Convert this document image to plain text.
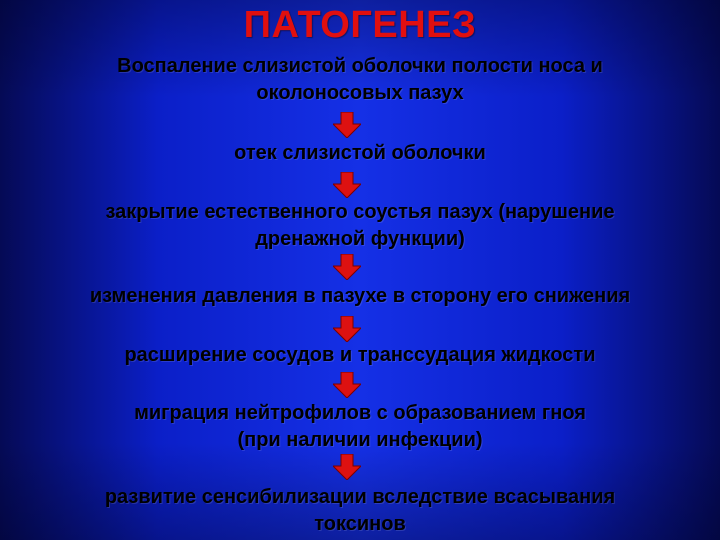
ПАТОГЕНЕЗ
Воспаление слизистой оболочки полости носа и
околоносовых пазух
отек слизистой оболочки
закрытие естественного соустья пазух (нарушение
дренажной функции)
изменения давления в пазухе в сторону его снижения
расширение сосудов и транссудация жидкости
миграция нейтрофилов с образованием гноя
(при наличии инфекции)
развитие сенсибилизации вследствие всасывания
токсинов
